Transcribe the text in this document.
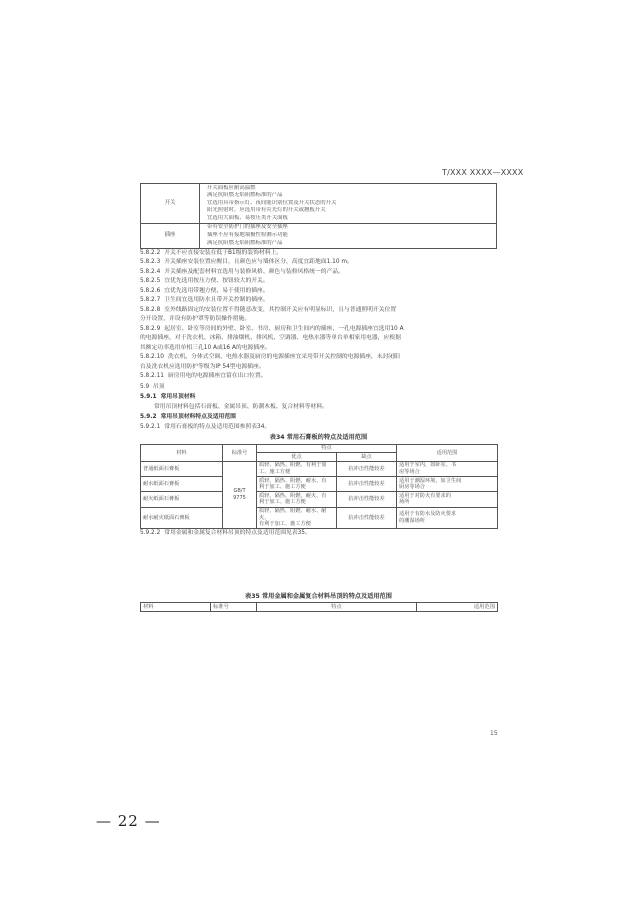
T/XXX XXXX—XXXX
开关	开关面板应耐高温燃
满足抗阻燃无焰阻燃标准的产品
宜选用具带指示灯、夜间能识别位置及开关状态的开关
阳光照射时，应选用带有荧光灯的开关或翘板开关
宜选用大面板、易按压类开关面板

插座	带有安全防护门的插座及安全插座
插座不应有接地端极性检测示功能
满足抗阻燃无焰阻燃标准的产品

5.8.2.2 开关不应直接安装在低于B1级的装饰材料上。

5.8.2.3 开关插座安装位置应醒目，且颜色应与墙体区分，高度宜距地面1.10 m。

5.8.2.4 开关插座及配套材料宜选用与装修风格、颜色与装修风格统一的产品。

5.8.2.5 宜优先选用按压方便、按钮较大的开关。

5.8.2.6 宜优先选用带翘方便、易于使用的插座。

5.8.2.7 卫生间宜选用防水且带开关控制的插座。

5.8.2.8 室外线路固定的安装位置不得随意改变，其控制开关应有明显标识，且与普通照明开关位置
分开设置，并设有防护罩等防误操作措施。

5.8.2.9 起居室、卧室等房间的外壁、卧室、书房、厨房和卫生间内的插座，一孔电源插座宜选用10 A
的电源插座，对于洗衣机、冰箱、排油烟机、排风机、空调器、电热水器等单台单相家用电器，应根据
其额定功率选用单相三孔10 A或16 A的电源插座。

5.8.2.10 洗衣机、分体式空调、电热水器及厨房的电源插座宜采用带开关控制的电源插座，未封闭阳
台及洗衣机应选用防护等级为IP 54型电源插座。

5.8.2.11 厨房用电的电源插座宜留在出口位置。

5.9 吊顶

5.9.1 常用吊顶材料

常用吊顶材料包括石膏板、金属吊顶、防潮木板、复合材料等材料。

5.9.2 常用吊顶材料特点及适用范围

5.9.2.1 常用石膏板的特点及适用范围参照表34。

表34 常用石膏板的特点及适用范围
材料	标准号	特点		适用范围
		优点	缺点	
普通纸面石膏板	GB/T
9775	质轻、隔热、阻燃、有利于加
工、施工方便	抗冲击性能较差	适用于室内，如卧室、书
房等场合
耐水纸面石膏板		质轻、隔热、阻燃、耐水、有
利于加工、施工方便	抗冲击性能较差	适用于潮湿环境，如卫生间
厨房等场合
耐火纸面石膏板		质轻、隔热、阻燃、耐火、有
利于加工、施工方便	抗冲击性能较差	适用于对防火有要求的
场所
耐水耐火纸面石膏板		质轻、隔热、阻燃、耐水、耐火、
有利于加工、施工方便	抗冲击性能较差	适用于有防水及防火要求
的潮湿场所

5.9.2.2 常用金属和金属复合材料吊顶的特点及适用范围见表35。

表35 常用金属和金属复合材料吊顶的特点及适用范围
材料	标准号	特点	适用范围
15
— 22 —
